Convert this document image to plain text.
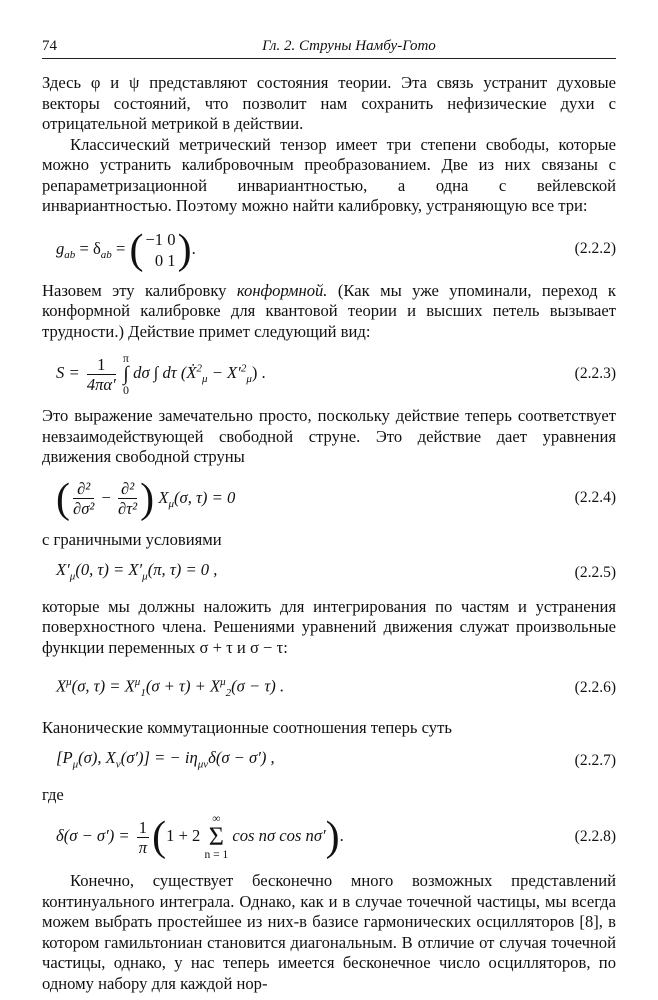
74	Гл. 2. Струны Намбу-Гото

Здесь φ и ψ представляют состояния теории. Эта связь устранит духовые векторы состояний, что позволит нам сохранить нефизические духи с отрицательной метрикой в действии.

Классический метрический тензор имеет три степени свободы, которые можно устранить калибровочным преобразованием. Две из них связаны с репараметризационной инвариантностью, а одна с вейлевской инвариантностью. Поэтому можно найти калибровку, устраняющую все три:

$g_{ab} = \delta_{ab}$ = ( −1 0
0 1).	(2.2.2)

Назовем эту калибровку конформной. (Как мы уже упоминали, переход к конформной калибровке для квантовой теории и высших петель вызывает трудности.) Действие примет следующий вид:

$S = \frac{1}{4\pi\alpha'}$ π
∫
0 dσ ∫ dτ (Ẋ$^2_\mu$ − $X'^2_\mu$) .	(2.2.3)

Это выражение замечательно просто, поскольку действие теперь соответствует невзаимодействующей свободной струне. Это действие дает уравнения движения свободной струны

( $\frac{\text{∂²}}{\text{∂σ²}} - \frac{\text{∂²}}{\text{∂τ²}}$ ) $X_\mu(\sigma$, τ) = 0	(2.2.4)

с граничными условиями

$X'_\mu(0$, $\tau) = X'_\mu(\pi$, τ) = 0 ,	(2.2.5)

которые мы должны наложить для интегрирования по частям и устранения поверхностного члена. Решениями уравнений движения служат произвольные функции переменных σ + τ и σ − τ:

$X^\mu(\sigma$, $\tau) = X^\mu_1(\sigma + \tau) + X^\mu_2(\sigma - \tau)$ .	(2.2.6)

Канонические коммутационные соотношения теперь суть

[$P_\mu(\sigma)$, $X_\nu(\sigma')$] = − $i\eta_{\mu\nu}\delta(\sigma - \sigma')$ ,	(2.2.7)

где

$\delta(\sigma - \sigma') = \frac{1}{\pi} (1 + 2$ ∞
Σ
n = 1 cos nσ cos nσ′).	(2.2.8)

Конечно, существует бесконечно много возможных представлений континуального интеграла. Однако, как и в случае точечной частицы, мы всегда можем выбрать простейшее из них-в базисе гармонических осцилляторов [8], в котором гамильтониан становится диагональным. В отличие от случая точечной частицы, однако, у нас теперь имеется бесконечное число осцилляторов, по одному набору для каждой нор-
